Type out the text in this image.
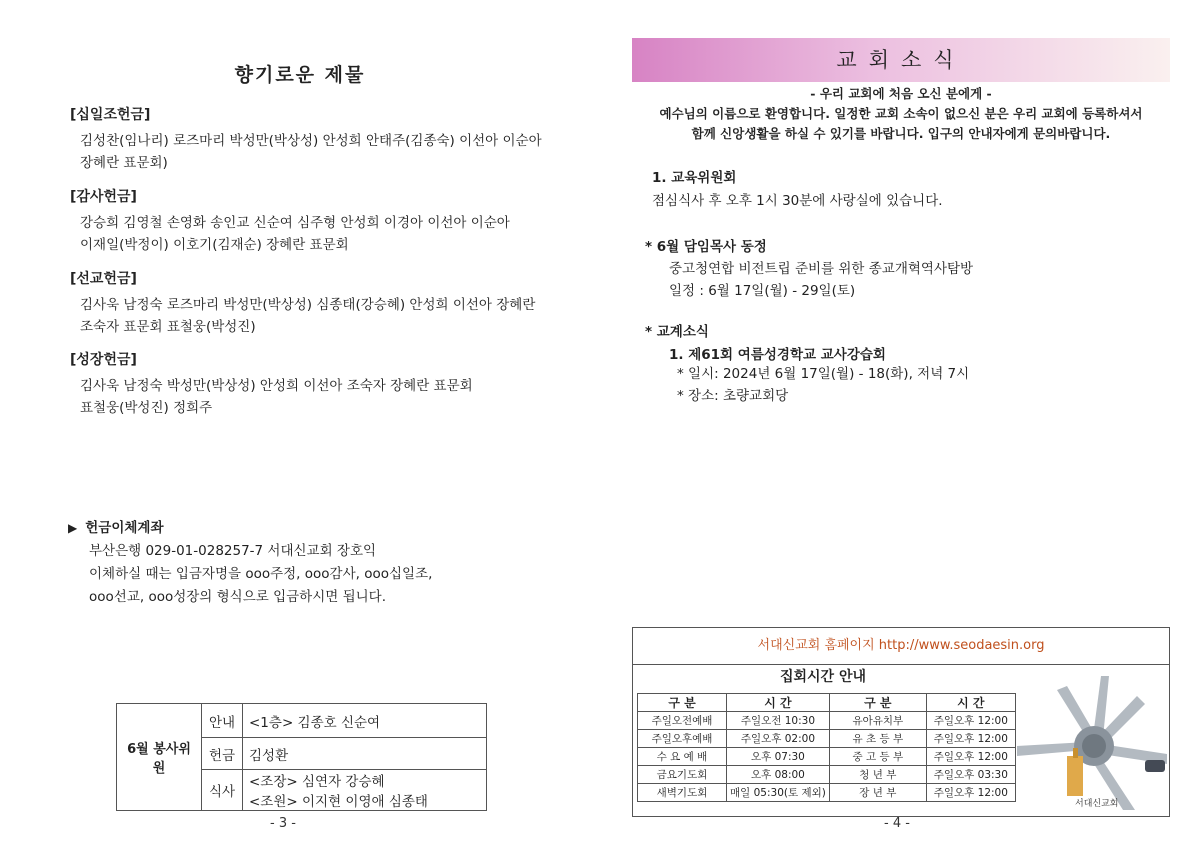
향기로운 제물
[십일조헌금]
김성찬(임나리) 로즈마리 박성만(박상성) 안성희 안태주(김종숙) 이선아 이순아
장혜란 표문회)
[감사헌금]
강승희 김영철 손영화 송인교 신순여 심주형 안성희 이경아 이선아 이순아
이재일(박정이) 이호기(김재순) 장혜란 표문회
[선교헌금]
김사욱 남정숙 로즈마리 박성만(박상성) 심종태(강승혜) 안성희 이선아 장혜란
조숙자 표문회 표철웅(박성진)
[성장헌금]
김사욱 남정숙 박성만(박상성) 안성희 이선아 조숙자 장혜란 표문회
표철웅(박성진) 정희주
▶ 헌금이체계좌
부산은행 029-01-028257-7 서대신교회 장호익
이체하실 때는 입금자명을 ooo주정, ooo감사, ooo십일조,
ooo선교, ooo성장의 형식으로 입금하시면 됩니다.
6월 봉사위원	안내	<1층> 김종호 신순여
	헌금	김성환
	식사	<조장> 심연자 강승혜
		<조원> 이지현 이영애 심종태
- 3 -
교회소식
- 우리 교회에 처음 오신 분에게 -
예수님의 이름으로 환영합니다. 일정한 교회 소속이 없으신 분은 우리 교회에 등록하셔서
함께 신앙생활을 하실 수 있기를 바랍니다. 입구의 안내자에게 문의바랍니다.
1. 교육위원회
점심식사 후 오후 1시 30분에 사랑실에 있습니다.
* 6월 담임목사 동정
중고청연합 비전트립 준비를 위한 종교개혁역사탐방
일정 : 6월 17일(월) - 29일(토)
* 교계소식
1. 제61회 여름성경학교 교사강습회
* 일시: 2024년 6월 17일(월) - 18(화), 저녁 7시
* 장소: 초량교회당
서대신교회 홈페이지 http://www.seodaesin.org
집회시간 안내
구 분	시 간	구 분	시 간
주일오전예배	주일오전 10:30	유아유치부	주일오후 12:00
주일오후예배	주일오후 02:00	유 초 등 부	주일오후 12:00
수 요 예 배	오후 07:30	중 고 등 부	주일오후 12:00
금요기도회	오후 08:00	청 년 부	주일오후 03:30
새벽기도회	매일 05:30(토 제외)	장 년 부	주일오후 12:00
서대신교회
- 4 -
